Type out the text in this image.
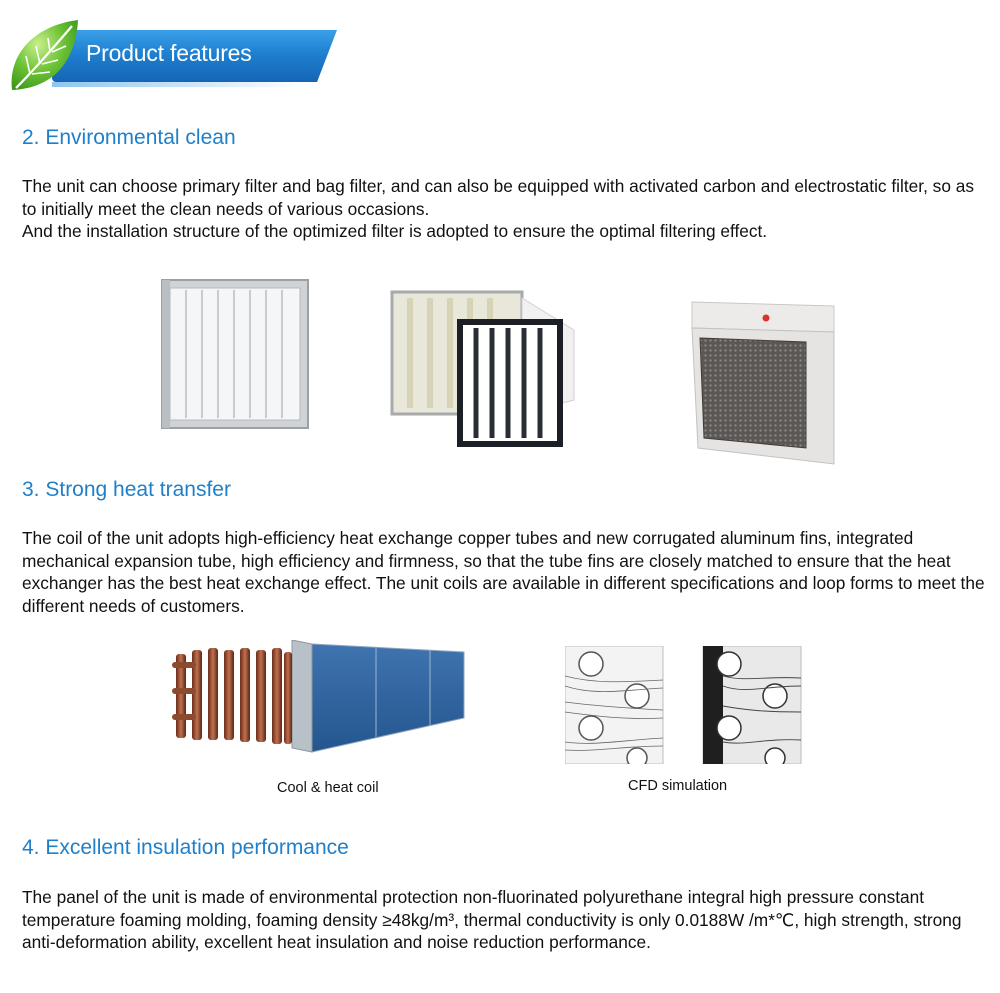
Product features
2. Environmental clean

The unit can choose primary filter and bag filter, and can also be equipped with activated carbon and electrostatic filter, so as to initially meet the clean needs of various occasions.

And the installation structure of the optimized filter is adopted to ensure the optimal filtering effect.

3. Strong heat transfer

The coil of the unit adopts high-efficiency heat exchange copper tubes and new corrugated aluminum fins, integrated mechanical expansion tube, high efficiency and firmness, so that the tube fins are closely matched to ensure that the heat exchanger has the best heat exchange effect. The unit coils are available in different specifications and loop forms to meet the different needs of customers.

Cool & heat coil	CFD simulation
4. Excellent insulation performance

The panel of the unit is made of environmental protection non-fluorinated polyurethane integral high pressure constant temperature foaming molding, foaming density ≥48kg/m³, thermal conductivity is only 0.0188W /m*℃, high strength, strong anti-deformation ability, excellent heat insulation and noise reduction performance.
